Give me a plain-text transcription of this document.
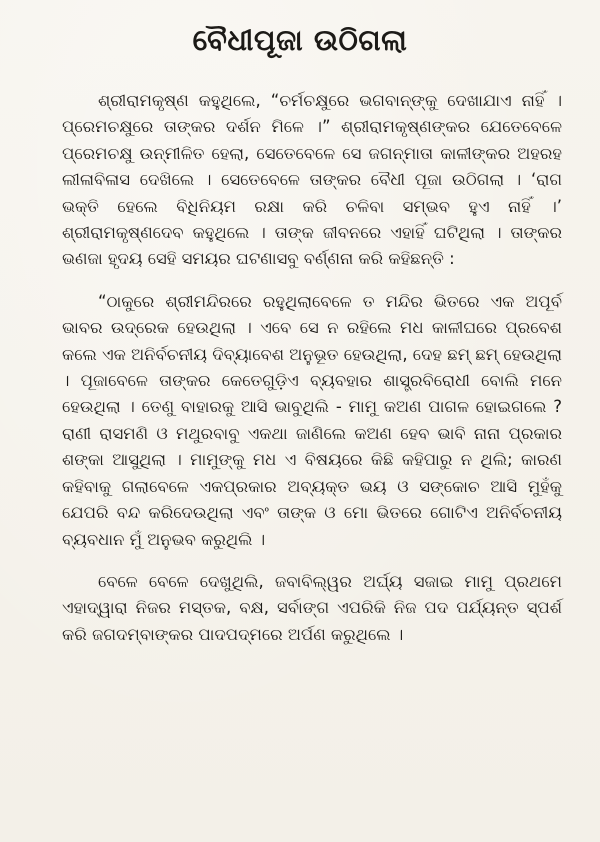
ବୈଧୀପୂଜା ଉଠିଗଲା

ଶ୍ରୀରାମକୃଷ୍ଣ କହୁଥିଲେ, “ଚର୍ମଚକ୍ଷୁରେ ଭଗବାନ୍‌ଙ୍କୁ ଦେଖାଯାଏ ନାହିଁ । ପ୍ରେମଚକ୍ଷୁରେ ତାଙ୍କର ଦର୍ଶନ ମିଳେ ।” ଶ୍ରୀରାମକୃଷ୍ଣଙ୍କର ଯେତେବେଳେ ପ୍ରେମଚକ୍ଷୁ ଉନ୍ମୀଳିତ ହେଲା, ସେତେବେଳେ ସେ ଜଗନ୍ମାତା କାଳୀଙ୍କର ଅହରହ ଲୀଳାବିଳାସ ଦେଖିଲେ । ସେତେବେଳେ ତାଙ୍କର ବୈଧୀ ପୂଜା ଉଠିଗଲା । ‘ରାଗ ଭକ୍ତି ହେଲେ ବିଧିନିୟମ ରକ୍ଷା କରି ଚଳିବା ସମ୍ଭବ ହୁଏ ନାହିଁ ।’ ଶ୍ରୀରାମକୃଷ୍ଣଦେବ କହୁଥିଲେ । ତାଙ୍କ ଜୀବନରେ ଏହାହିଁ ଘଟିଥିଲା । ତାଙ୍କର ଭଣଜା ହୃଦୟ ସେହି ସମୟର ଘଟଣାସବୁ ବର୍ଣ୍ଣନା କରି କହିଛନ୍ତି :

“ଠାକୁରେ ଶ୍ରୀମନ୍ଦିରରେ ରହୁଥିଲାବେଳେ ତ ମନ୍ଦିର ଭିତରେ ଏକ ଅପୂର୍ବ ଭାବର ଉଦ୍ରେକ ହେଉଥିଲା । ଏବେ ସେ ନ ରହିଲେ ମଧ କାଳୀଘରେ ପ୍ରବେଶ କଲେ ଏକ ଅନିର୍ବଚନୀୟ ଦିବ୍ୟାବେଶ ଅନୁଭୂତ ହେଉଥିଲା, ଦେହ ଛମ୍ ଛମ୍ ହେଉଥିଲା । ପୂଜାବେଳେ ତାଙ୍କର କେତେଗୁଡ଼ିଏ ବ୍ୟବହାର ଶାସ୍ତ୍ରବିରୋଧୀ ବୋଲି ମନେ ହେଉଥିଲା । ତେଣୁ ବାହାରକୁ ଆସି ଭାବୁଥିଲି - ମାମୁ କଅଣ ପାଗଳ ହୋଇଗଲେ ? ରାଣୀ ରାସମଣି ଓ ମଥୁରବାବୁ ଏକଥା ଜାଣିଲେ କଅଣ ହେବ ଭାବି ନାନା ପ୍ରକାର ଶଙ୍କା ଆସୁଥିଲା । ମାମୁଙ୍କୁ ମଧ ଏ ବିଷୟରେ କିଛି କହିପାରୁ ନ ଥିଲି; କାରଣ କହିବାକୁ ଗଲାବେଳେ ଏକପ୍ରକାର ଅବ୍ୟକ୍ତ ଭୟ ଓ ସଙ୍କୋଚ ଆସି ମୁହଁକୁ ଯେପରି ବନ୍ଦ କରିଦେଉଥିଲା ଏବଂ ତାଙ୍କ ଓ ମୋ ଭିତରେ ଗୋଟିଏ ଅନିର୍ବଚନୀୟ ବ୍ୟବଧାନ ମୁଁ ଅନୁଭବ କରୁଥିଲି ।

ବେଳେ ବେଳେ ଦେଖୁଥିଲି, ଜବାବିଲ୍ୱର ଅର୍ଘ୍ୟ ସଜାଇ ମାମୁ ପ୍ରଥମେ ଏହାଦ୍ୱାରା ନିଜର ମସ୍ତକ, ବକ୍ଷ, ସର୍ବାଙ୍ଗ ଏପରିକି ନିଜ ପଦ ପର୍ଯ୍ୟନ୍ତ ସ୍ପର୍ଶ କରି ଜଗଦମ୍ବାଙ୍କର ପାଦପଦ୍ମରେ ଅର୍ପଣ କରୁଥିଲେ ।
